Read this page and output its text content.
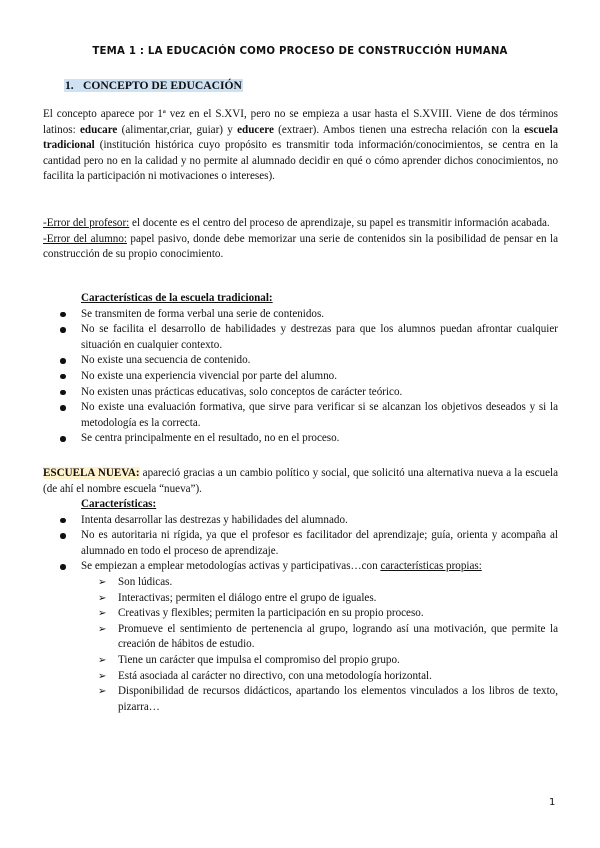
TEMA 1 : LA EDUCACIÓN COMO PROCESO DE CONSTRUCCIÓN HUMANA
1. CONCEPTO DE EDUCACIÓN
El concepto aparece por 1ª vez en el S.XVI, pero no se empieza a usar hasta el S.XVIII. Viene de dos términos latinos: educare (alimentar,criar, guiar) y educere (extraer). Ambos tienen una estrecha relación con la escuela tradicional (institución histórica cuyo propósito es transmitir toda información/conocimientos, se centra en la cantidad pero no en la calidad y no permite al alumnado decidir en qué o cómo aprender dichos conocimientos, no facilita la participación ni motivaciones o intereses).
-Error del profesor: el docente es el centro del proceso de aprendizaje, su papel es transmitir información acabada.
-Error del alumno: papel pasivo, donde debe memorizar una serie de contenidos sin la posibilidad de pensar en la construcción de su propio conocimiento.
Características de la escuela tradicional:
Se transmiten de forma verbal una serie de contenidos.
No se facilita el desarrollo de habilidades y destrezas para que los alumnos puedan afrontar cualquier situación en cualquier contexto.
No existe una secuencia de contenido.
No existe una experiencia vivencial por parte del alumno.
No existen unas prácticas educativas, solo conceptos de carácter teórico.
No existe una evaluación formativa, que sirve para verificar si se alcanzan los objetivos deseados y si la metodología es la correcta.
Se centra principalmente en el resultado, no en el proceso.
ESCUELA NUEVA: apareció gracias a un cambio político y social, que solicitó una alternativa nueva a la escuela (de ahí el nombre escuela “nueva”).
Características:
Intenta desarrollar las destrezas y habilidades del alumnado.
No es autoritaria ni rígida, ya que el profesor es facilitador del aprendizaje; guía, orienta y acompaña al alumnado en todo el proceso de aprendizaje.
Se empiezan a emplear metodologías activas y participativas…con características propias:
➢ Son lúdicas.
➢ Interactivas; permiten el diálogo entre el grupo de iguales.
➢ Creativas y flexibles; permiten la participación en su propio proceso.
➢ Promueve el sentimiento de pertenencia al grupo, logrando así una motivación, que permite la creación de hábitos de estudio.
➢ Tiene un carácter que impulsa el compromiso del propio grupo.
➢ Está asociada al carácter no directivo, con una metodología horizontal.
➢ Disponibilidad de recursos didácticos, apartando los elementos vinculados a los libros de texto, pizarra…
1
